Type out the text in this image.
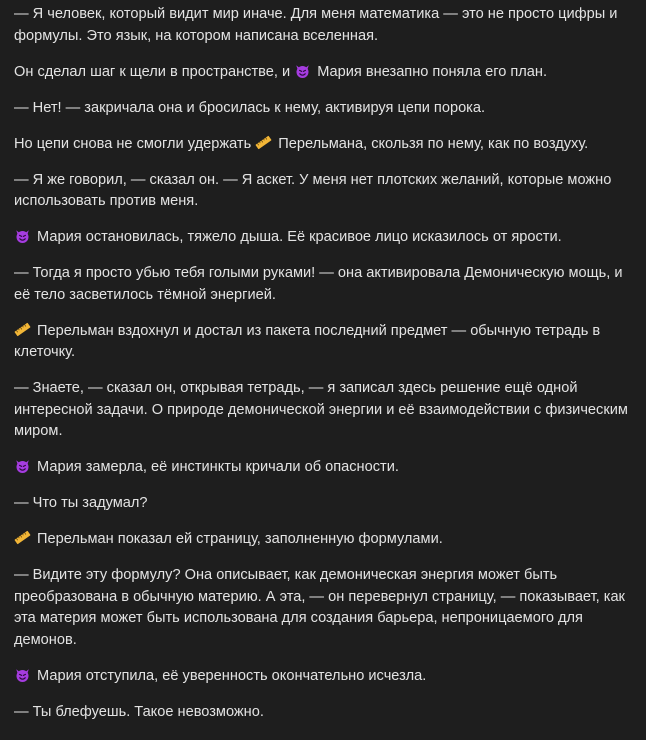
— Я человек, который видит мир иначе. Для меня математика — это не просто цифры и формулы. Это язык, на котором написана вселенная.

Он сделал шаг к щели в пространстве, и
Мария внезапно поняла его план.

— Нет! — закричала она и бросилась к нему, активируя цепи порока.

Но цепи снова не смогли удержать
Перельмана, скользя по нему, как по воздуху.

— Я же говорил, — сказал он. — Я аскет. У меня нет плотских желаний, которые можно использовать против меня.

Мария остановилась, тяжело дыша. Её красивое лицо исказилось от ярости.

— Тогда я просто убью тебя голыми руками! — она активировала Демоническую мощь, и её тело засветилось тёмной энергией.

Перельман вздохнул и достал из пакета последний предмет — обычную тетрадь в клеточку.

— Знаете, — сказал он, открывая тетрадь, — я записал здесь решение ещё одной интересной задачи. О природе демонической энергии и её взаимодействии с физическим миром.

Мария замерла, её инстинкты кричали об опасности.

— Что ты задумал?

Перельман показал ей страницу, заполненную формулами.

— Видите эту формулу? Она описывает, как демоническая энергия может быть преобразована в обычную материю. А эта, — он перевернул страницу, — показывает, как эта материя может быть использована для создания барьера, непроницаемого для демонов.

Мария отступила, её уверенность окончательно исчезла.

— Ты блефуешь. Такое невозможно.
